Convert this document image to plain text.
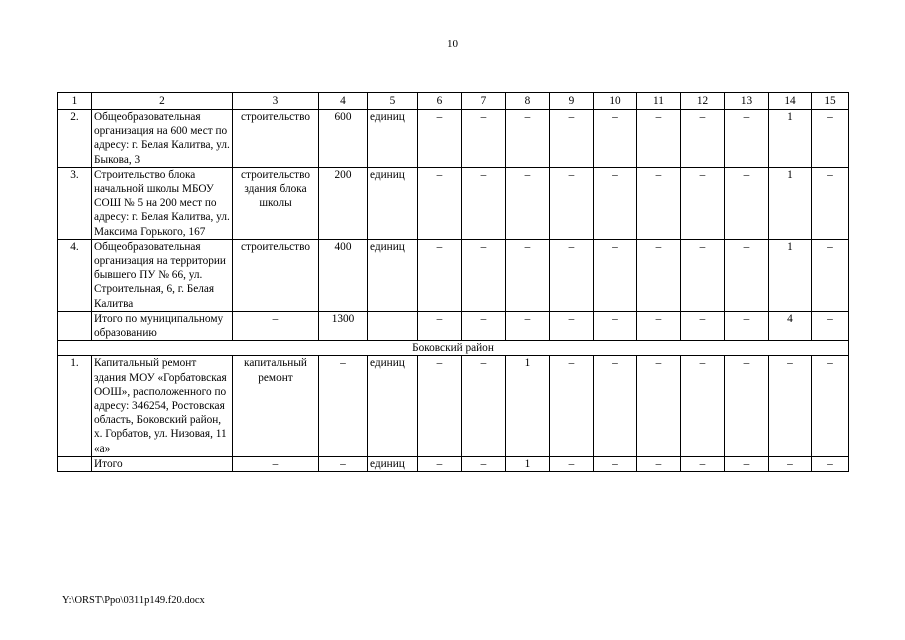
10
1	2	3	4	5	6	7	8	9	10	11	12	13	14	15
2.	Общеобразовательная организация на 600 мест по адресу: г. Белая Калитва, ул. Быкова, 3	строительство	600	единиц	–	–	–	–	–	–	–	–	1	–
3.	Строительство блока начальной школы МБОУ СОШ № 5 на 200 мест по адресу: г. Белая Калитва, ул. Максима Горького, 167	строительство здания блока школы	200	единиц	–	–	–	–	–	–	–	–	1	–
4.	Общеобразовательная организация на территории бывшего ПУ № 66, ул. Строительная, 6, г. Белая Калитва	строительство	400	единиц	–	–	–	–	–	–	–	–	1	–
	Итого по муниципальному образованию	–	1300		–	–	–	–	–	–	–	–	4	–
Боковский район														
1.	Капитальный ремонт здания МОУ «Горбатовская ООШ», расположенного по адресу: 346254, Ростовская область, Боковский район, х. Горбатов, ул. Низовая, 11 «а»	капитальный ремонт	–	единиц	–	–	1	–	–	–	–	–	–	–
	Итого	–	–	единиц	–	–	1	–	–	–	–	–	–	–
Y:\ORST\Ppo\0311p149.f20.docx
